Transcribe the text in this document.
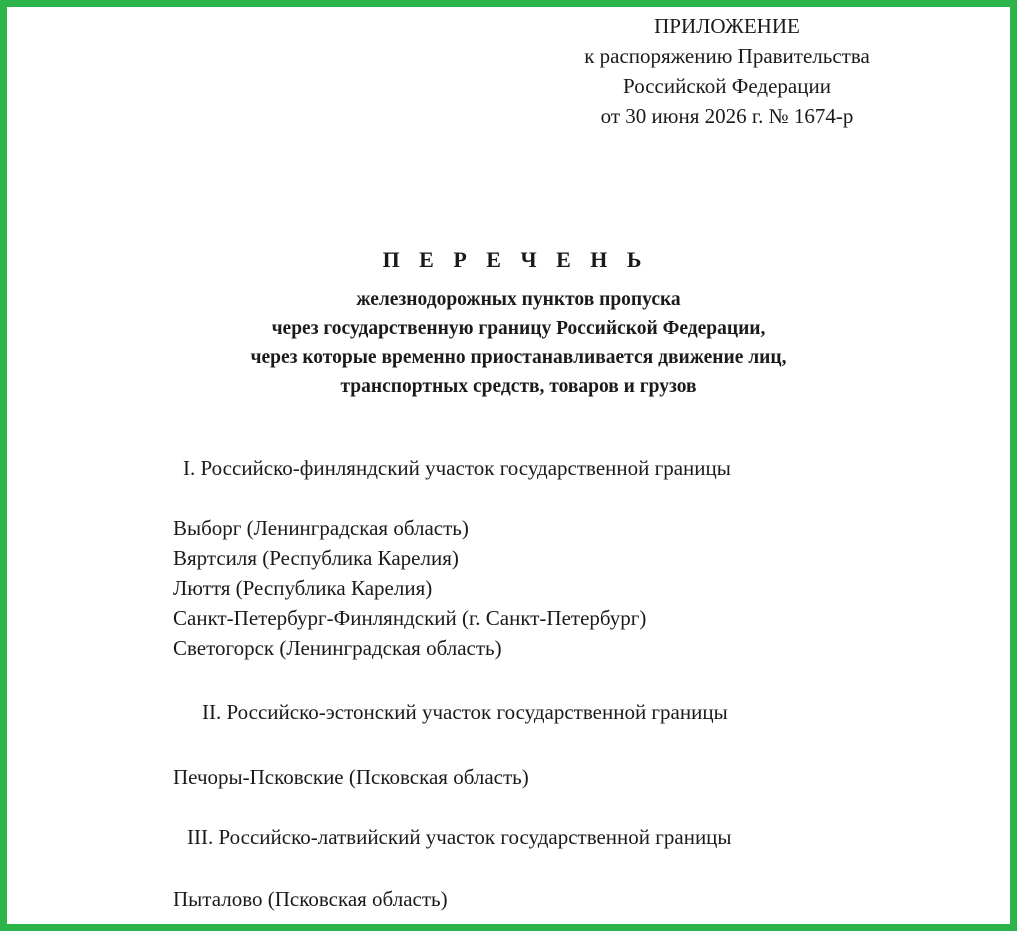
ПРИЛОЖЕНИЕ
к распоряжению Правительства
Российской Федерации
от 30 июня 2026 г. № 1674-р
П Е Р Е Ч Е Н Ь
железнодорожных пунктов пропуска
через государственную границу Российской Федерации,
через которые временно приостанавливается движение лиц,
транспортных средств, товаров и грузов
I. Российско-финляндский участок государственной границы
Выборг (Ленинградская область)
Вяртсиля (Республика Карелия)
Люття (Республика Карелия)
Санкт-Петербург-Финляндский (г. Санкт-Петербург)
Светогорск (Ленинградская область)
II. Российско-эстонский участок государственной границы
Печоры-Псковские (Псковская область)
III. Российско-латвийский участок государственной границы
Пыталово (Псковская область)
